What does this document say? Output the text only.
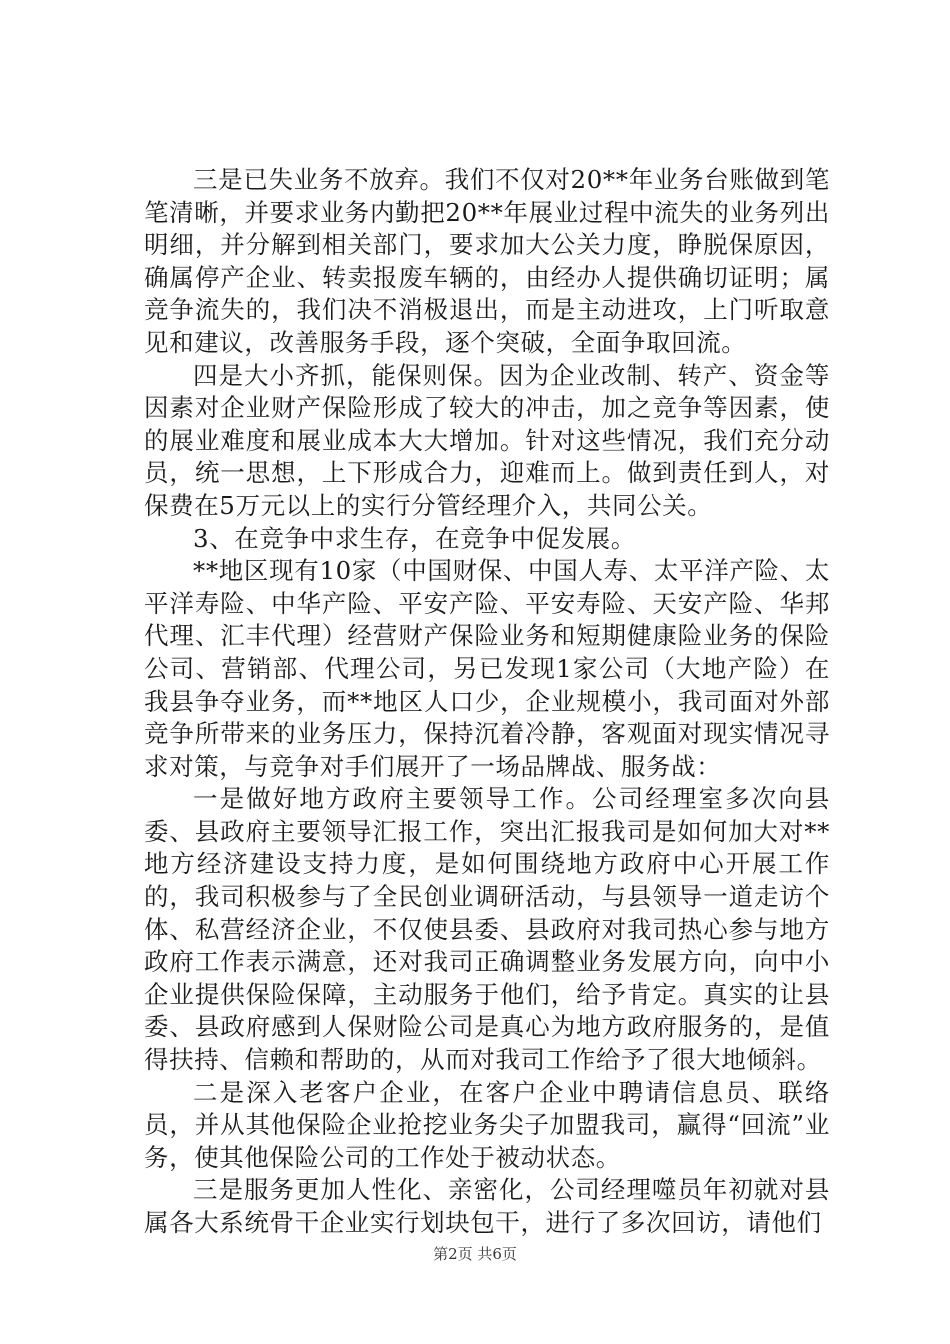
三是已失业务不放弃。我们不仅对20**年业务台账做到笔笔清晰，并要求业务内勤把20**年展业过程中流失的业务列出明细，并分解到相关部门，要求加大公关力度，睁脱保原因，确属停产企业、转卖报废车辆的，由经办人提供确切证明；属竞争流失的，我们决不消极退出，而是主动进攻，上门听取意见和建议，改善服务手段，逐个突破，全面争取回流。

四是大小齐抓，能保则保。因为企业改制、转产、资金等因素对企业财产保险形成了较大的冲击，加之竞争等因素，使的展业难度和展业成本大大增加。针对这些情况，我们充分动员，统一思想，上下形成合力，迎难而上。做到责任到人，对保费在5万元以上的实行分管经理介入，共同公关。

3、在竞争中求生存，在竞争中促发展。

**地区现有10家（中国财保、中国人寿、太平洋产险、太平洋寿险、中华产险、平安产险、平安寿险、天安产险、华邦代理、汇丰代理）经营财产保险业务和短期健康险业务的保险公司、营销部、代理公司，另已发现1家公司（大地产险）在我县争夺业务，而**地区人口少，企业规模小，我司面对外部竞争所带来的业务压力，保持沉着冷静，客观面对现实情况寻求对策，与竞争对手们展开了一场品牌战、服务战：

一是做好地方政府主要领导工作。公司经理室多次向县委、县政府主要领导汇报工作，突出汇报我司是如何加大对**地方经济建设支持力度，是如何围绕地方政府中心开展工作的，我司积极参与了全民创业调研活动，与县领导一道走访个体、私营经济企业，不仅使县委、县政府对我司热心参与地方政府工作表示满意，还对我司正确调整业务发展方向，向中小企业提供保险保障，主动服务于他们，给予肯定。真实的让县委、县政府感到人保财险公司是真心为地方政府服务的，是值得扶持、信赖和帮助的，从而对我司工作给予了很大地倾斜。

二是深入老客户企业，在客户企业中聘请信息员、联络员，并从其他保险企业抢挖业务尖子加盟我司，赢得“回流”业务，使其他保险公司的工作处于被动状态。

三是服务更加人性化、亲密化，公司经理噬员年初就对县属各大系统骨干企业实行划块包干，进行了多次回访，请他们

第2页 共6页
